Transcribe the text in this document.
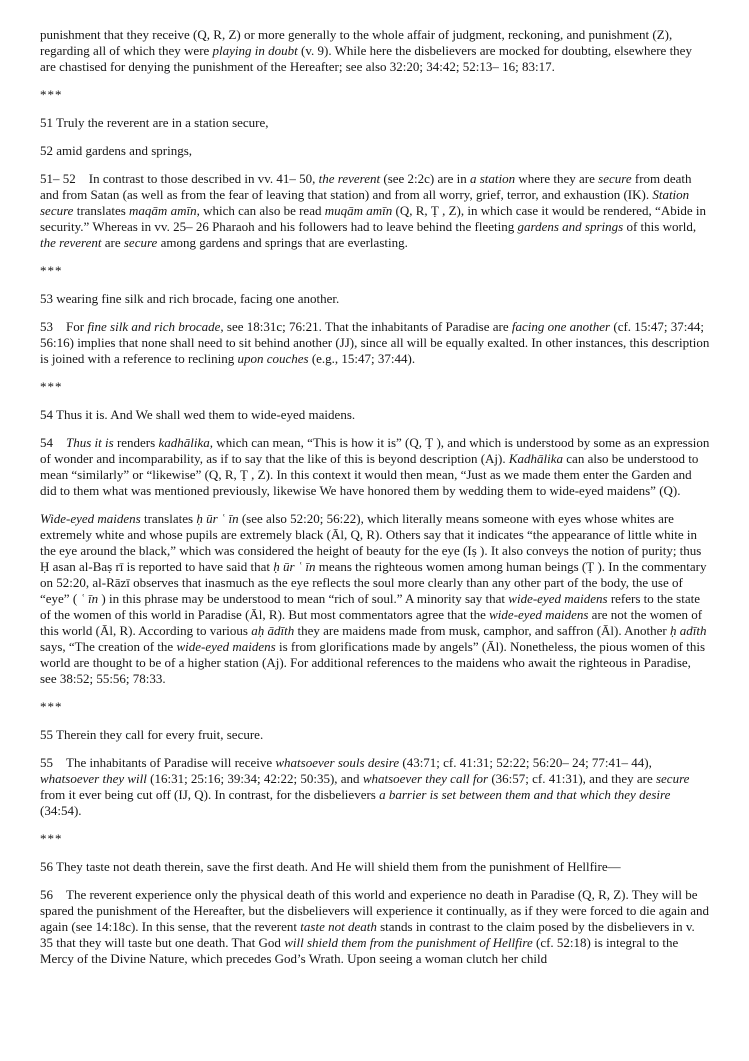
punishment that they receive (Q, R, Z) or more generally to the whole affair of judgment, reckoning, and punishment (Z), regarding all of which they were playing in doubt (v. 9). While here the disbelievers are mocked for doubting, elsewhere they are chastised for denying the punishment of the Hereafter; see also 32:20; 34:42; 52:13– 16; 83:17.
***
51 Truly the reverent are in a station secure,
52 amid gardens and springs,
51– 52 In contrast to those described in vv. 41– 50, the reverent (see 2:2c) are in a station where they are secure from death and from Satan (as well as from the fear of leaving that station) and from all worry, grief, terror, and exhaustion (IK). Station secure translates maqām amīn, which can also be read muqām amīn (Q, R, Ṭ , Z), in which case it would be rendered, “Abide in security.” Whereas in vv. 25– 26 Pharaoh and his followers had to leave behind the fleeting gardens and springs of this world, the reverent are secure among gardens and springs that are everlasting.
***
53 wearing fine silk and rich brocade, facing one another.
53 For fine silk and rich brocade, see 18:31c; 76:21. That the inhabitants of Paradise are facing one another (cf. 15:47; 37:44; 56:16) implies that none shall need to sit behind another (JJ), since all will be equally exalted. In other instances, this description is joined with a reference to reclining upon couches (e.g., 15:47; 37:44).
***
54 Thus it is. And We shall wed them to wide-eyed maidens.
54 Thus it is renders kadhālika, which can mean, “This is how it is” (Q, Ṭ ), and which is understood by some as an expression of wonder and incomparability, as if to say that the like of this is beyond description (Aj). Kadhālika can also be understood to mean “similarly” or “likewise” (Q, R, Ṭ , Z). In this context it would then mean, “Just as we made them enter the Garden and did to them what was mentioned previously, likewise We have honored them by wedding them to wide-eyed maidens” (Q).
Wide-eyed maidens translates ḥ ūr ʿ īn (see also 52:20; 56:22), which literally means someone with eyes whose whites are extremely white and whose pupils are extremely black (Āl, Q, R). Others say that it indicates “the appearance of little white in the eye around the black,” which was considered the height of beauty for the eye (Iṣ ). It also conveys the notion of purity; thus Ḥ asan al-Baṣ rī is reported to have said that ḥ ūr ʿ īn means the righteous women among human beings (Ṭ ). In the commentary on 52:20, al-Rāzī observes that inasmuch as the eye reflects the soul more clearly than any other part of the body, the use of “eye” ( ʿ īn ) in this phrase may be understood to mean “rich of soul.” A minority say that wide-eyed maidens refers to the state of the women of this world in Paradise (Āl, R). But most commentators agree that the wide-eyed maidens are not the women of this world (Āl, R). According to various aḥ ādīth they are maidens made from musk, camphor, and saffron (Āl). Another ḥ adīth says, “The creation of the wide-eyed maidens is from glorifications made by angels” (Āl). Nonetheless, the pious women of this world are thought to be of a higher station (Aj). For additional references to the maidens who await the righteous in Paradise, see 38:52; 55:56; 78:33.
***
55 Therein they call for every fruit, secure.
55 The inhabitants of Paradise will receive whatsoever souls desire (43:71; cf. 41:31; 52:22; 56:20– 24; 77:41– 44), whatsoever they will (16:31; 25:16; 39:34; 42:22; 50:35), and whatsoever they call for (36:57; cf. 41:31), and they are secure from it ever being cut off (IJ, Q). In contrast, for the disbelievers a barrier is set between them and that which they desire (34:54).
***
56 They taste not death therein, save the first death. And He will shield them from the punishment of Hellfire—
56 The reverent experience only the physical death of this world and experience no death in Paradise (Q, R, Z). They will be spared the punishment of the Hereafter, but the disbelievers will experience it continually, as if they were forced to die again and again (see 14:18c). In this sense, that the reverent taste not death stands in contrast to the claim posed by the disbelievers in v. 35 that they will taste but one death. That God will shield them from the punishment of Hellfire (cf. 52:18) is integral to the Mercy of the Divine Nature, which precedes God’s Wrath. Upon seeing a woman clutch her child
